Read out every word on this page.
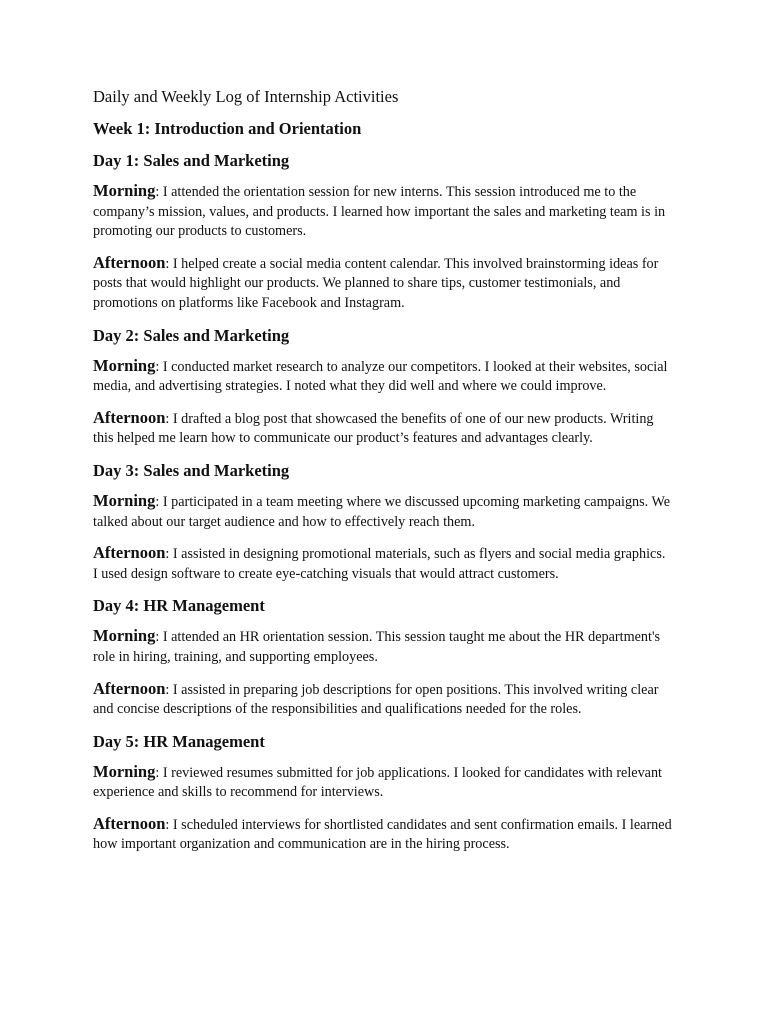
Daily and Weekly Log of Internship Activities
Week 1: Introduction and Orientation
Day 1: Sales and Marketing

Morning: I attended the orientation session for new interns. This session introduced me to the company’s mission, values, and products. I learned how important the sales and marketing team is in promoting our products to customers.

Afternoon: I helped create a social media content calendar. This involved brainstorming ideas for posts that would highlight our products. We planned to share tips, customer testimonials, and promotions on platforms like Facebook and Instagram.

Day 2: Sales and Marketing

Morning: I conducted market research to analyze our competitors. I looked at their websites, social media, and advertising strategies. I noted what they did well and where we could improve.

Afternoon: I drafted a blog post that showcased the benefits of one of our new products. Writing this helped me learn how to communicate our product’s features and advantages clearly.

Day 3: Sales and Marketing

Morning: I participated in a team meeting where we discussed upcoming marketing campaigns. We talked about our target audience and how to effectively reach them.

Afternoon: I assisted in designing promotional materials, such as flyers and social media graphics. I used design software to create eye-catching visuals that would attract customers.

Day 4: HR Management

Morning: I attended an HR orientation session. This session taught me about the HR department's role in hiring, training, and supporting employees.

Afternoon: I assisted in preparing job descriptions for open positions. This involved writing clear and concise descriptions of the responsibilities and qualifications needed for the roles.

Day 5: HR Management

Morning: I reviewed resumes submitted for job applications. I looked for candidates with relevant experience and skills to recommend for interviews.

Afternoon: I scheduled interviews for shortlisted candidates and sent confirmation emails. I learned how important organization and communication are in the hiring process.
